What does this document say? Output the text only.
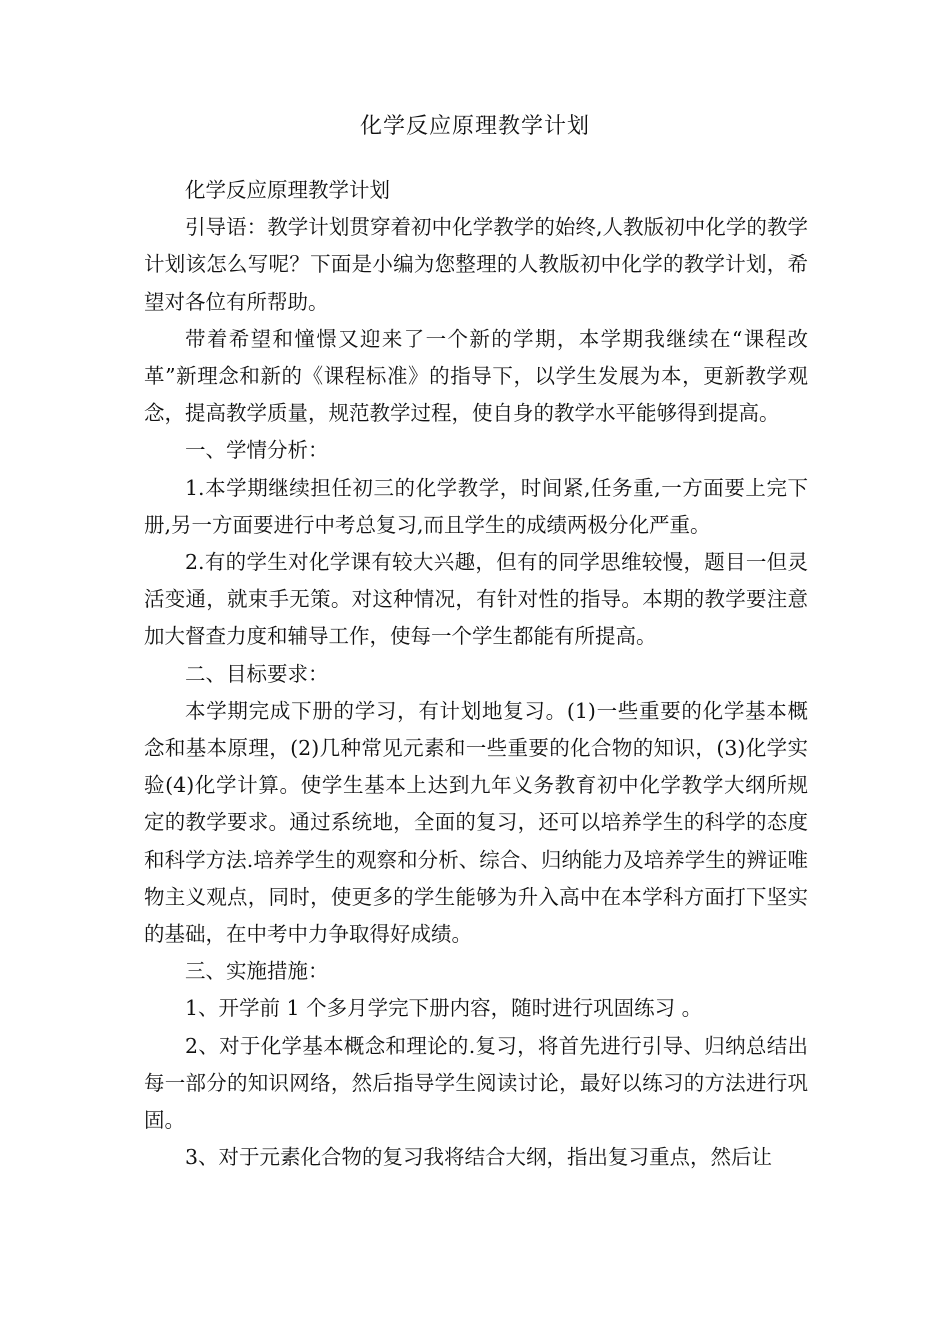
化学反应原理教学计划

化学反应原理教学计划

引导语：教学计划贯穿着初中化学教学的始终,人教版初中化学的教学计划该怎么写呢？下面是小编为您整理的人教版初中化学的教学计划，希望对各位有所帮助。

带着希望和憧憬又迎来了一个新的学期，本学期我继续在“课程改革”新理念和新的《课程标准》的指导下，以学生发展为本，更新教学观念，提高教学质量，规范教学过程，使自身的教学水平能够得到提高。

一、学情分析：

1.本学期继续担任初三的化学教学，时间紧,任务重,一方面要上完下册,另一方面要进行中考总复习,而且学生的成绩两极分化严重。

2.有的学生对化学课有较大兴趣，但有的同学思维较慢，题目一但灵活变通，就束手无策。对这种情况，有针对性的指导。本期的教学要注意加大督查力度和辅导工作，使每一个学生都能有所提高。

二、目标要求：

本学期完成下册的学习，有计划地复习。(1)一些重要的化学基本概念和基本原理，(2)几种常见元素和一些重要的化合物的知识，(3)化学实验(4)化学计算。使学生基本上达到九年义务教育初中化学教学大纲所规定的教学要求。通过系统地，全面的复习，还可以培养学生的科学的态度和科学方法.培养学生的观察和分析、综合、归纳能力及培养学生的辨证唯物主义观点，同时，使更多的学生能够为升入高中在本学科方面打下坚实的基础，在中考中力争取得好成绩。

三、实施措施：

1、开学前 1 个多月学完下册内容，随时进行巩固练习 。

2、对于化学基本概念和理论的.复习，将首先进行引导、归纳总结出每一部分的知识网络，然后指导学生阅读讨论，最好以练习的方法进行巩固。

3、对于元素化合物的复习我将结合大纲，指出复习重点，然后让
